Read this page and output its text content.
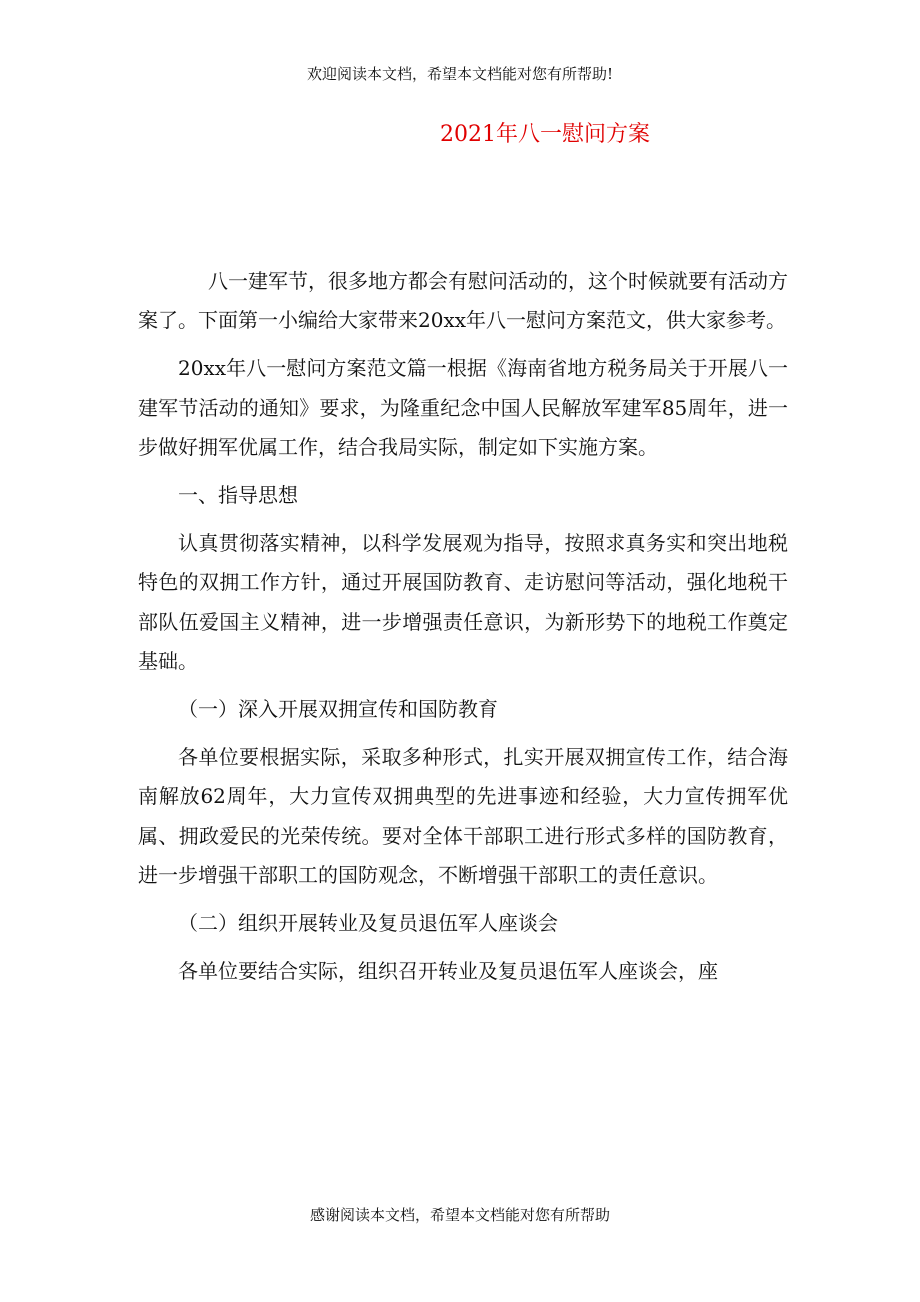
欢迎阅读本文档，希望本文档能对您有所帮助!
2021年八一慰问方案

八一建军节，很多地方都会有慰问活动的，这个时候就要有活动方案了。下面第一小编给大家带来20xx年八一慰问方案范文，供大家参考。

20xx年八一慰问方案范文篇一根据《海南省地方税务局关于开展八一建军节活动的通知》要求，为隆重纪念中国人民解放军建军85周年，进一步做好拥军优属工作，结合我局实际，制定如下实施方案。

一、指导思想

认真贯彻落实精神，以科学发展观为指导，按照求真务实和突出地税特色的双拥工作方针，通过开展国防教育、走访慰问等活动，强化地税干部队伍爱国主义精神，进一步增强责任意识，为新形势下的地税工作奠定基础。

（一）深入开展双拥宣传和国防教育

各单位要根据实际，采取多种形式，扎实开展双拥宣传工作，结合海南解放62周年，大力宣传双拥典型的先进事迹和经验，大力宣传拥军优属、拥政爱民的光荣传统。要对全体干部职工进行形式多样的国防教育，进一步增强干部职工的国防观念，不断增强干部职工的责任意识。

（二）组织开展转业及复员退伍军人座谈会

各单位要结合实际，组织召开转业及复员退伍军人座谈会，座

感谢阅读本文档，希望本文档能对您有所帮助
